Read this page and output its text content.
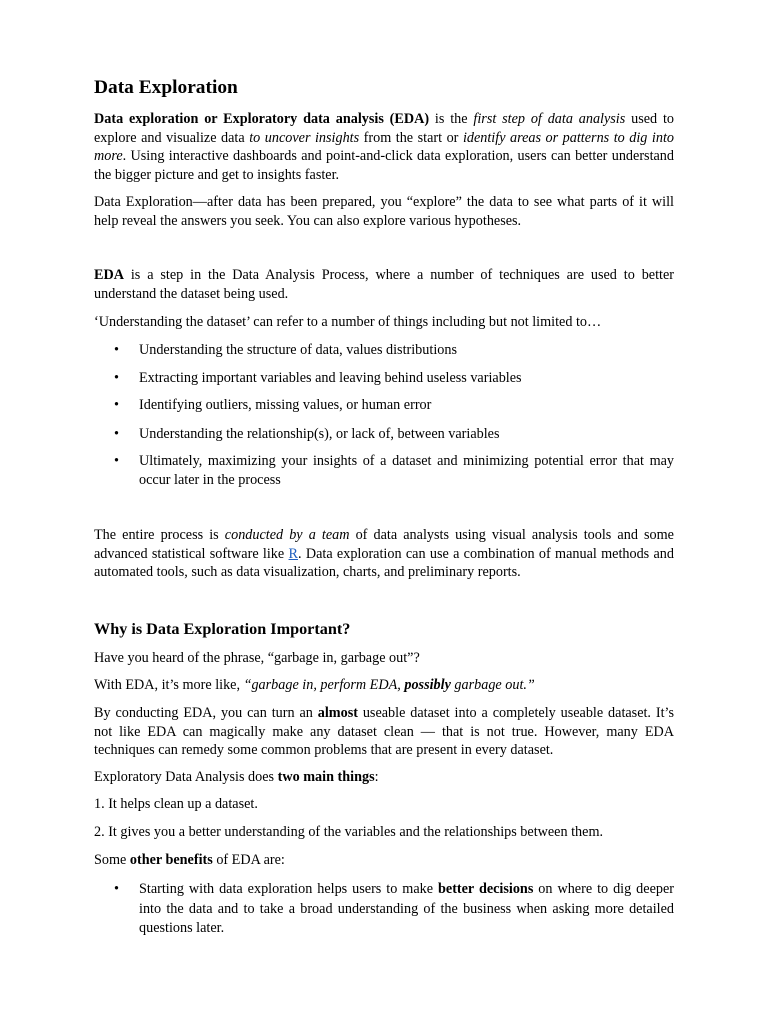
Data Exploration

Data exploration or Exploratory data analysis (EDA) is the first step of data analysis used to explore and visualize data to uncover insights from the start or identify areas or patterns to dig into more. Using interactive dashboards and point-and-click data exploration, users can better understand the bigger picture and get to insights faster.

Data Exploration—after data has been prepared, you “explore” the data to see what parts of it will help reveal the answers you seek. You can also explore various hypotheses.

EDA is a step in the Data Analysis Process, where a number of techniques are used to better understand the dataset being used.

‘Understanding the dataset’ can refer to a number of things including but not limited to…

• Understanding the structure of data, values distributions
• Extracting important variables and leaving behind useless variables
• Identifying outliers, missing values, or human error
• Understanding the relationship(s), or lack of, between variables
• Ultimately, maximizing your insights of a dataset and minimizing potential error that may occur later in the process

The entire process is conducted by a team of data analysts using visual analysis tools and some advanced statistical software like R. Data exploration can use a combination of manual methods and automated tools, such as data visualization, charts, and preliminary reports.

Why is Data Exploration Important?

Have you heard of the phrase, “garbage in, garbage out”?

With EDA, it’s more like, “garbage in, perform EDA, possibly garbage out.”

By conducting EDA, you can turn an almost useable dataset into a completely useable dataset. It’s not like EDA can magically make any dataset clean — that is not true. However, many EDA techniques can remedy some common problems that are present in every dataset.

Exploratory Data Analysis does two main things:

1. It helps clean up a dataset.

2. It gives you a better understanding of the variables and the relationships between them.

Some other benefits of EDA are:

• Starting with data exploration helps users to make better decisions on where to dig deeper into the data and to take a broad understanding of the business when asking more detailed questions later.
